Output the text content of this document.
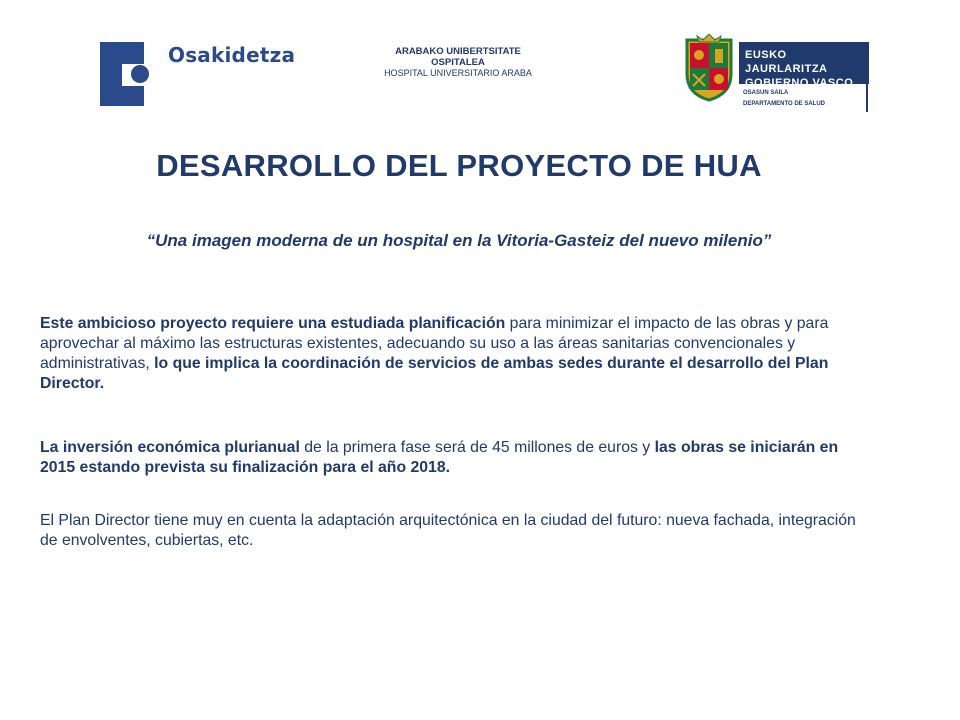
Osakidetza	ARABAKO UNIBERTSITATE
OSPITALEA
HOSPITAL UNIVERSITARIO ARABA
EUSKO JAURLARITZA
GOBIERNO VASCO
OSASUN SAILA
DEPARTAMENTO DE SALUD
DESARROLLO DEL PROYECTO DE HUA
“Una imagen moderna de un hospital en la Vitoria-Gasteiz del nuevo milenio”
Este ambicioso proyecto requiere una estudiada planificación para minimizar el impacto de las obras y para aprovechar al máximo las estructuras existentes, adecuando su uso a las áreas sanitarias convencionales y administrativas, lo que implica la coordinación de servicios de ambas sedes durante el desarrollo del Plan Director.
La inversión económica plurianual de la primera fase será de 45 millones de euros y las obras se iniciarán en 2015 estando prevista su finalización para el año 2018.
El Plan Director tiene muy en cuenta la adaptación arquitectónica en la ciudad del futuro: nueva fachada, integración de envolventes, cubiertas, etc.
